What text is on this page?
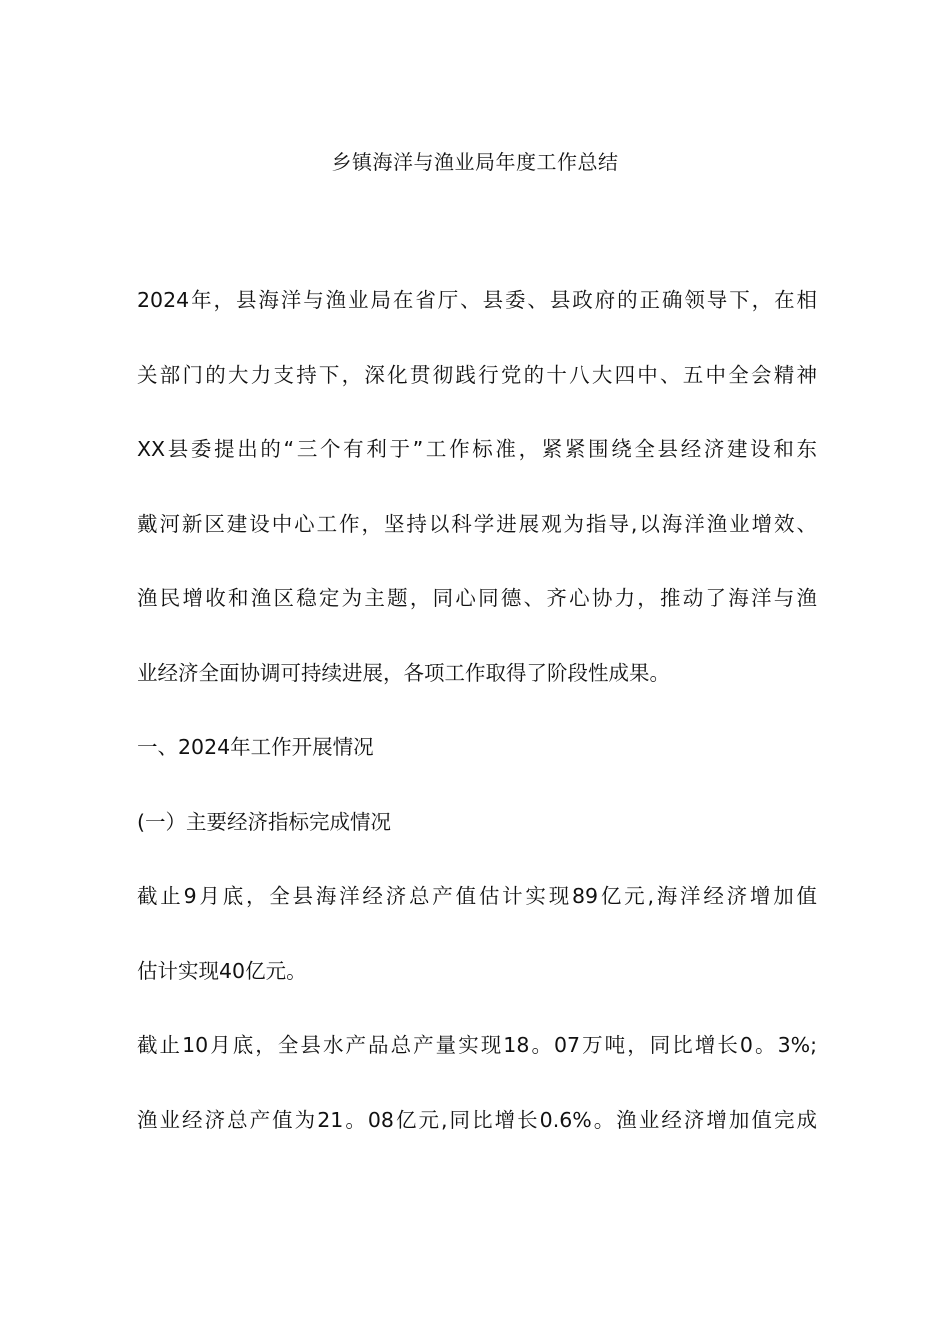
乡镇海洋与渔业局年度工作总结
2024年，县海洋与渔业局在省厅、县委、县政府的正确领导下，在相
关部门的大力支持下，深化贯彻践行党的十八大四中、五中全会精神
XX县委提出的“三个有利于”工作标准，紧紧围绕全县经济建设和东
戴河新区建设中心工作，坚持以科学进展观为指导,以海洋渔业增效、
渔民增收和渔区稳定为主题，同心同德、齐心协力，推动了海洋与渔
业经济全面协调可持续进展，各项工作取得了阶段性成果。
一、2024年工作开展情况
(一）主要经济指标完成情况
截止9月底，全县海洋经济总产值估计实现89亿元,海洋经济增加值
估计实现40亿元。
截止10月底，全县水产品总产量实现18。07万吨，同比增长0。3%;
渔业经济总产值为21。08亿元,同比增长0.6%。渔业经济增加值完成
